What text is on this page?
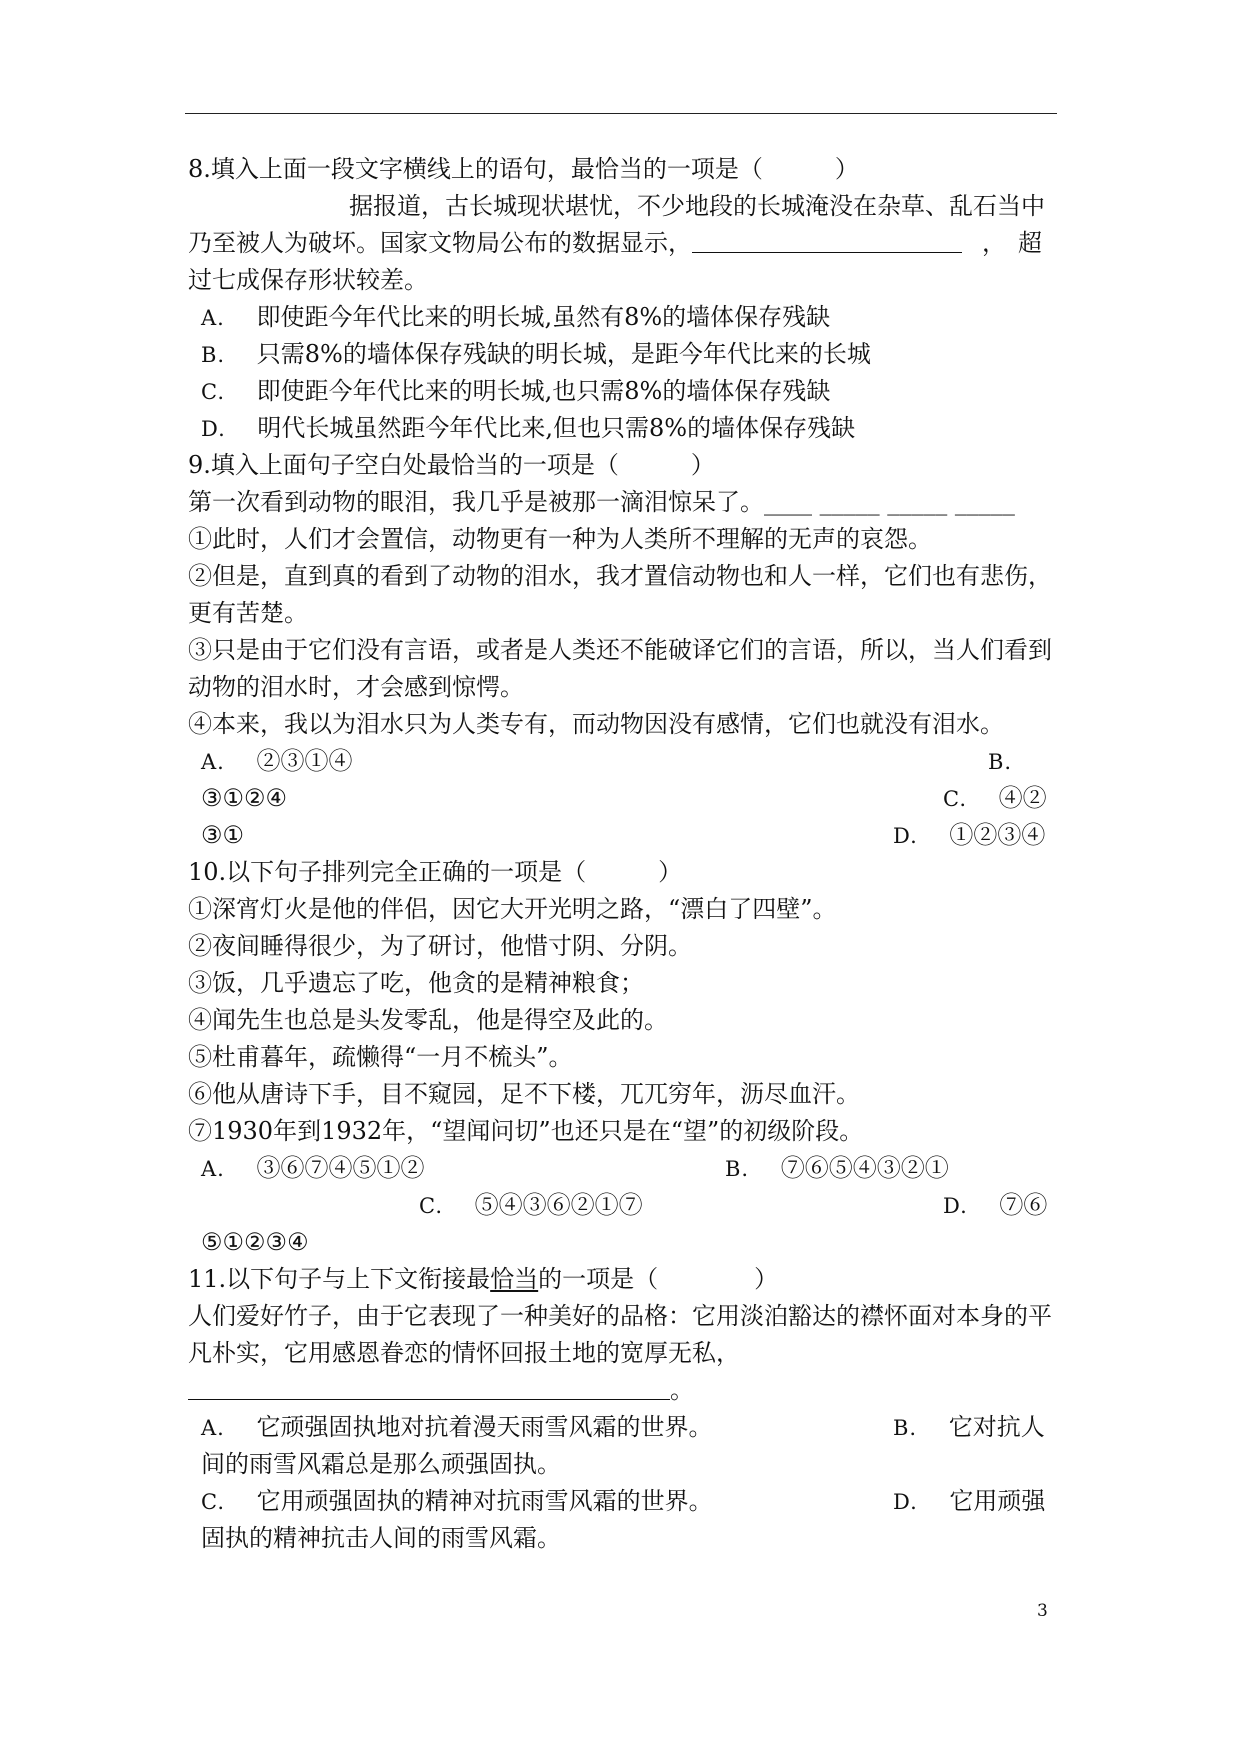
8.填入上面一段文字横线上的语句，最恰当的一项是（　　　）
据报道，古长城现状堪忧，不少地段的长城淹没在杂草、乱石当中
乃至被人为破坏。国家文物局公布的数据显示，	，　超
过七成保存形状较差。
A.　 即使距今年代比来的明长城,虽然有8%的墙体保存残缺
B.　 只需8%的墙体保存残缺的明长城，是距今年代比来的长城
C.　 即使距今年代比来的明长城,也只需8%的墙体保存残缺
D.　 明代长城虽然距今年代比来,但也只需8%的墙体保存残缺
9.填入上面句子空白处最恰当的一项是（　　　）
第一次看到动物的眼泪，我几乎是被那一滴泪惊呆了。____ _____ _____ _____
①此时，人们才会置信，动物更有一种为人类所不理解的无声的哀怨。
②但是，直到真的看到了动物的泪水，我才置信动物也和人一样，它们也有悲伤，
更有苦楚。
③只是由于它们没有言语，或者是人类还不能破译它们的言语，所以，当人们看到
动物的泪水时，才会感到惊愕。
④本来，我以为泪水只为人类专有，而动物因没有感情，它们也就没有泪水。
A.　 ②③①④	B.
③①②④	C.　 ④②
③①	D.　 ①②③④
10.以下句子排列完全正确的一项是（　　　）
①深宵灯火是他的伴侣，因它大开光明之路，“漂白了四壁”。
②夜间睡得很少，为了研讨，他惜寸阴、分阴。
③饭，几乎遗忘了吃，他贪的是精神粮食；
④闻先生也总是头发零乱，他是得空及此的。
⑤杜甫暮年，疏懒得“一月不梳头”。
⑥他从唐诗下手，目不窥园，足不下楼，兀兀穷年，沥尽血汗。
⑦1930年到1932年，“望闻问切”也还只是在“望”的初级阶段。
A.　 ③⑥⑦④⑤①②	B.　 ⑦⑥⑤④③②①
C.　 ⑤④③⑥②①⑦	D.　 ⑦⑥
⑤①②③④
11.以下句子与上下文衔接最恰当的一项是（　　　　）
人们爱好竹子，由于它表现了一种美好的品格：它用淡泊豁达的襟怀面对本身的平
凡朴实，它用感恩眷恋的情怀回报土地的宽厚无私，
。
A.　 它顽强固执地对抗着漫天雨雪风霜的世界。	B.　 它对抗人
间的雨雪风霜总是那么顽强固执。
C.　 它用顽强固执的精神对抗雨雪风霜的世界。	D.　 它用顽强
固执的精神抗击人间的雨雪风霜。
3
